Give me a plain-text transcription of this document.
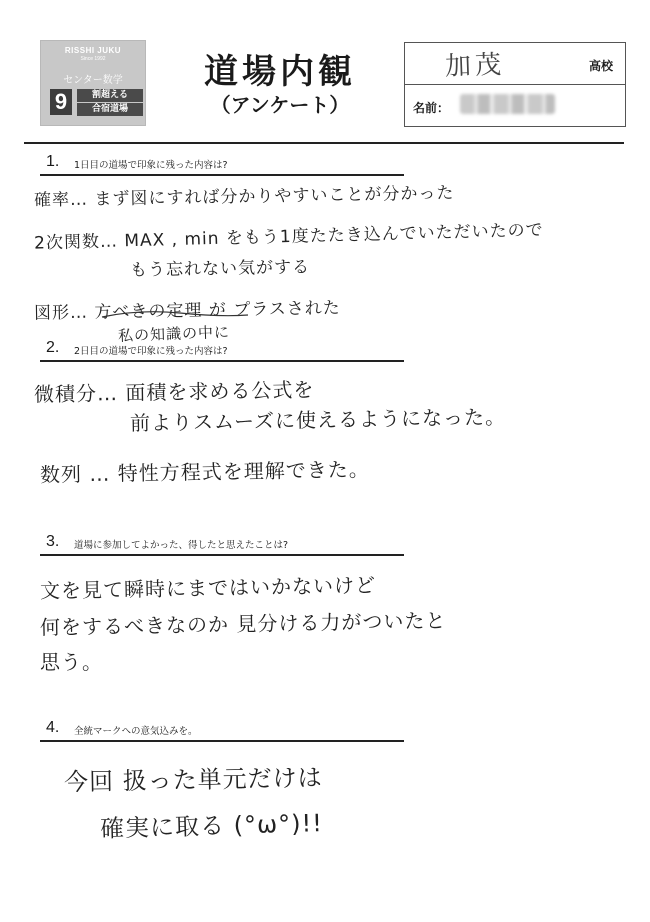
RISSHI JUKU
Since 1992
センター数学
9	割超える
合宿道場
道場内観
（アンケート）
加茂	高校
名前：
1. 1日目の道場で印象に残った内容は?
確率… まず図にすれば分かりやすいことが分かった
2次関数… MAX , min をもう1度たたき込んでいただいたので
もう忘れない気がする
図形… 方べきの定理 が プラスされた
私の知識の中に
2. 2日目の道場で印象に残った内容は?
微積分… 面積を求める公式を
前よりスムーズに使えるようになった。
数列 … 特性方程式を理解できた。
3. 道場に参加してよかった、得したと思えたことは?
文を見て瞬時にまではいかないけど
何をするべきなのか 見分ける力がついたと
思う。
4. 全統マークへの意気込みを。
今回 扱った単元だけは
確実に取る (°ω°)!!
